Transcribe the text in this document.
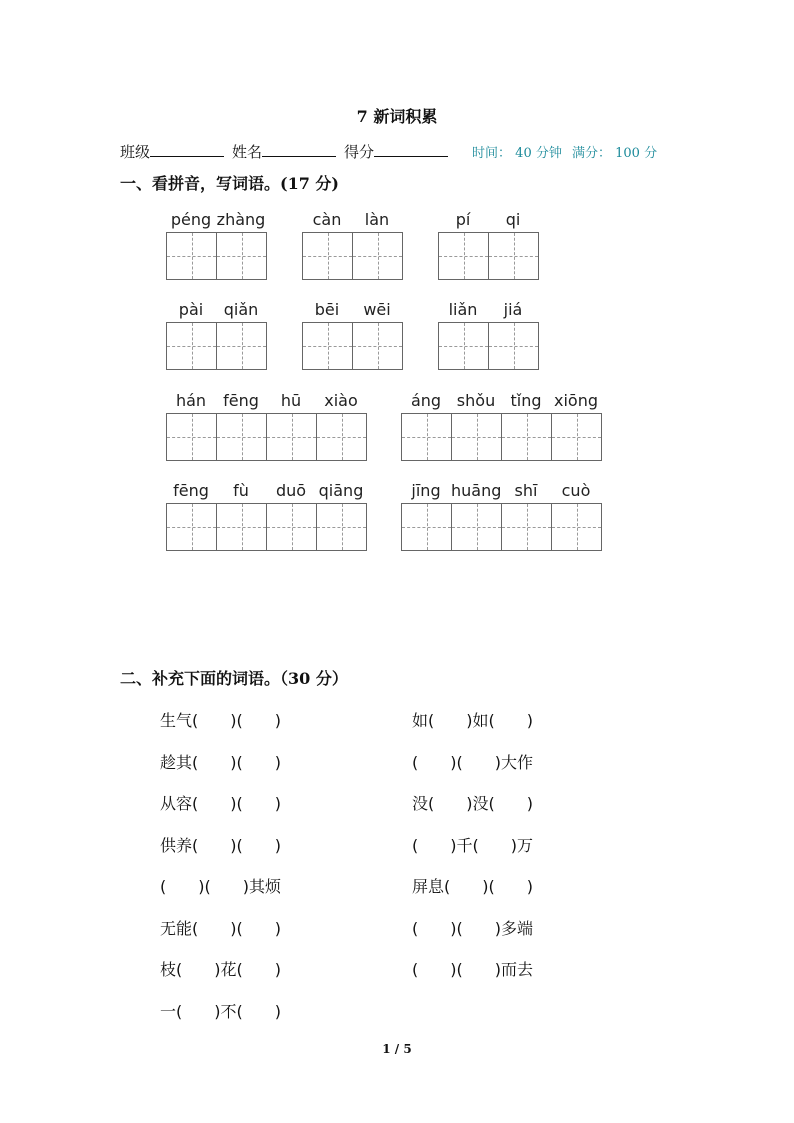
7 新词积累
班级	姓名	得分	时间： 40 分钟 满分： 100 分
一、看拼音，写词语。(17 分)
péng zhàng	càn	làn	pí	qi
pài	qiǎn	bēi	wēi	liǎn	jiá
hán	fēng	hū	xiào	áng shǒu tǐng xiōng
fēng	fù	duō qiāng	jīng huāng shī	cuò
二、补充下面的词语。（30 分）
生气(　　)(　　)
趁其(　　)(　　)
从容(　　)(　　)
供养(　　)(　　)
(　　)(　　)其烦
无能(　　)(　　)
枝(　　)花(　　)
一(　　)不(　　)
如(　　)如(　　)
(　　)(　　)大作
没(　　)没(　　)
(　　)千(　　)万
屏息(　　)(　　)
(　　)(　　)多端
(　　)(　　)而去
1 / 5
